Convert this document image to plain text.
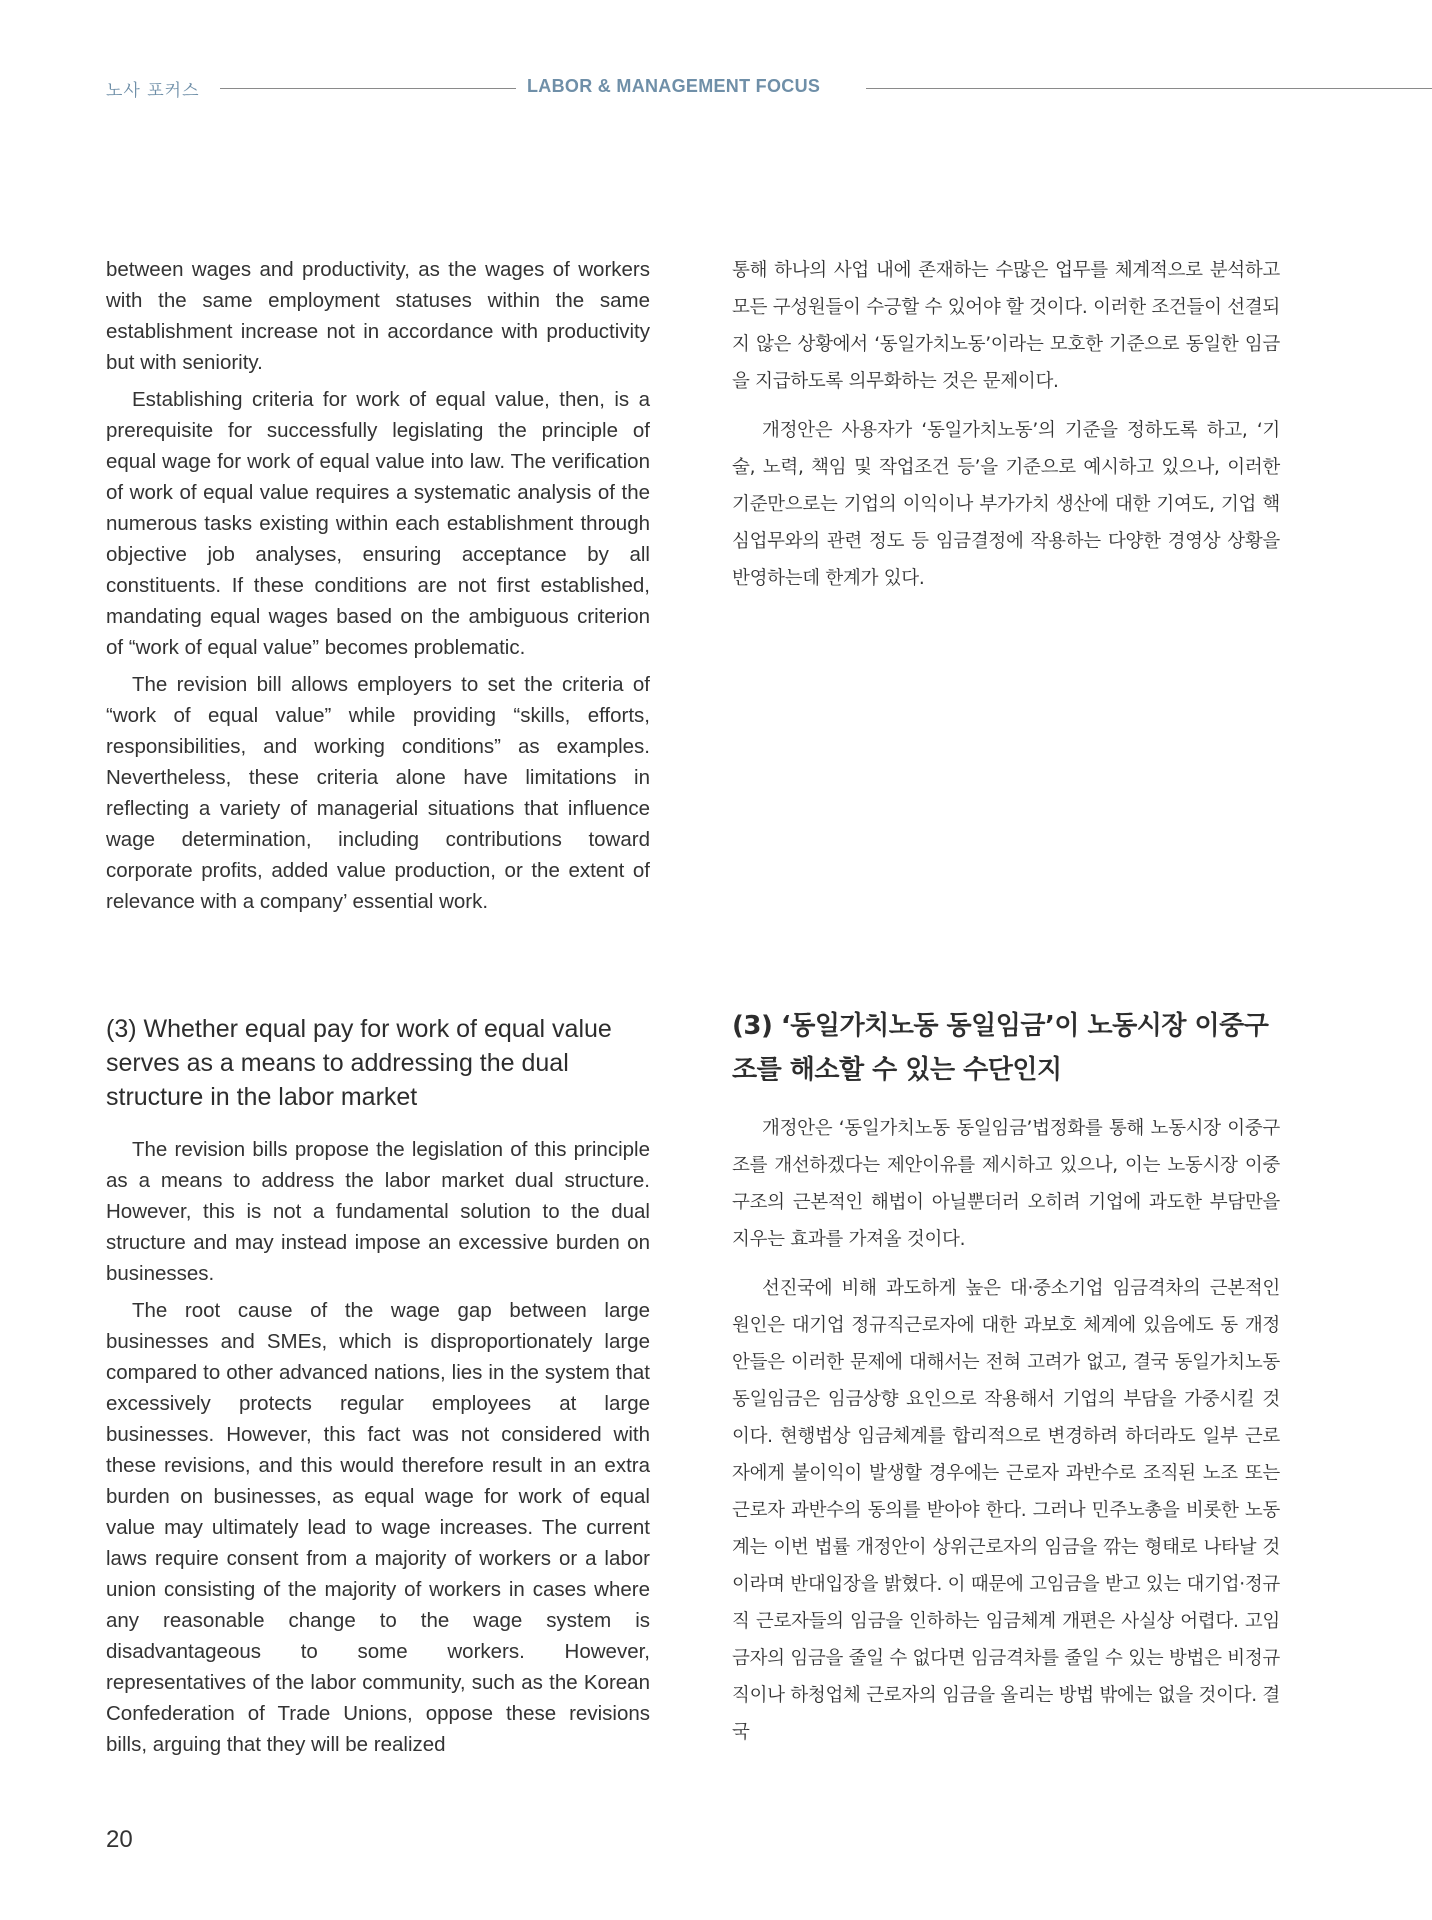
노사 포커스	LABOR & MANAGEMENT FOCUS

between wages and productivity, as the wages of workers with the same employment statuses within the same establishment increase not in accordance with productivity but with seniority.

Establishing criteria for work of equal value, then, is a prerequisite for successfully legislating the principle of equal wage for work of equal value into law. The verification of work of equal value requires a systematic analysis of the numerous tasks existing within each establishment through objective job analyses, ensuring acceptance by all constituents. If these conditions are not first established, mandating equal wages based on the ambiguous criterion of “work of equal value” becomes problematic.

The revision bill allows employers to set the criteria of “work of equal value” while providing “skills, efforts, responsibilities, and working conditions” as examples. Nevertheless, these criteria alone have limitations in reflecting a variety of managerial situations that influence wage determination, including contributions toward corporate profits, added value production, or the extent of relevance with a company’ essential work.

(3) Whether equal pay for work of equal value serves as a means to addressing the dual structure in the labor market

The revision bills propose the legislation of this principle as a means to address the labor market dual structure. However, this is not a fundamental solution to the dual structure and may instead impose an excessive burden on businesses.

The root cause of the wage gap between large businesses and SMEs, which is disproportionately large compared to other advanced nations, lies in the system that excessively protects regular employees at large businesses. However, this fact was not considered with these revisions, and this would therefore result in an extra burden on businesses, as equal wage for work of equal value may ultimately lead to wage increases. The current laws require consent from a majority of workers or a labor union consisting of the majority of workers in cases where any reasonable change to the wage system is disadvantageous to some workers. However, representatives of the labor community, such as the Korean Confederation of Trade Unions, oppose these revisions bills, arguing that they will be realized

통해 하나의 사업 내에 존재하는 수많은 업무를 체계적으로 분석하고 모든 구성원들이 수긍할 수 있어야 할 것이다. 이러한 조건들이 선결되지 않은 상황에서 ‘동일가치노동’이라는 모호한 기준으로 동일한 임금을 지급하도록 의무화하는 것은 문제이다.

개정안은 사용자가 ‘동일가치노동’의 기준을 정하도록 하고, ‘기술, 노력, 책임 및 작업조건 등’을 기준으로 예시하고 있으나, 이러한 기준만으로는 기업의 이익이나 부가가치 생산에 대한 기여도, 기업 핵심업무와의 관련 정도 등 임금결정에 작용하는 다양한 경영상 상황을 반영하는데 한계가 있다.

(3) ‘동일가치노동 동일임금’이 노동시장 이중구조를 해소할 수 있는 수단인지

개정안은 ‘동일가치노동 동일임금’법정화를 통해 노동시장 이중구조를 개선하겠다는 제안이유를 제시하고 있으나, 이는 노동시장 이중구조의 근본적인 해법이 아닐뿐더러 오히려 기업에 과도한 부담만을 지우는 효과를 가져올 것이다.

선진국에 비해 과도하게 높은 대·중소기업 임금격차의 근본적인 원인은 대기업 정규직근로자에 대한 과보호 체계에 있음에도 동 개정안들은 이러한 문제에 대해서는 전혀 고려가 없고, 결국 동일가치노동 동일임금은 임금상향 요인으로 작용해서 기업의 부담을 가중시킬 것이다. 현행법상 임금체계를 합리적으로 변경하려 하더라도 일부 근로자에게 불이익이 발생할 경우에는 근로자 과반수로 조직된 노조 또는 근로자 과반수의 동의를 받아야 한다. 그러나 민주노총을 비롯한 노동계는 이번 법률 개정안이 상위근로자의 임금을 깎는 형태로 나타날 것이라며 반대입장을 밝혔다. 이 때문에 고임금을 받고 있는 대기업·정규직 근로자들의 임금을 인하하는 임금체계 개편은 사실상 어렵다. 고임금자의 임금을 줄일 수 없다면 임금격차를 줄일 수 있는 방법은 비정규직이나 하청업체 근로자의 임금을 올리는 방법 밖에는 없을 것이다. 결국

20
